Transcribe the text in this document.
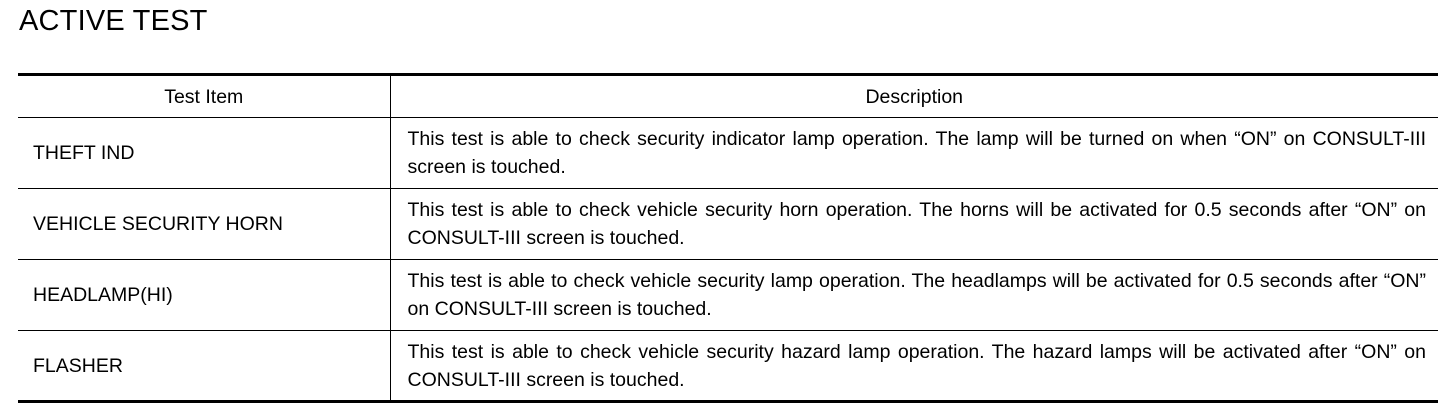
ACTIVE TEST
Test Item	Description
THEFT IND	This test is able to check security indicator lamp operation. The lamp will be turned on when “ON” on CONSULT-III screen is touched.
VEHICLE SECURITY HORN	This test is able to check vehicle security horn operation. The horns will be activated for 0.5 seconds after “ON” on CONSULT-III screen is touched.
HEADLAMP(HI)	This test is able to check vehicle security lamp operation. The headlamps will be activated for 0.5 seconds after “ON” on CONSULT-III screen is touched.
FLASHER	This test is able to check vehicle security hazard lamp operation. The hazard lamps will be activated after “ON” on CONSULT-III screen is touched.
